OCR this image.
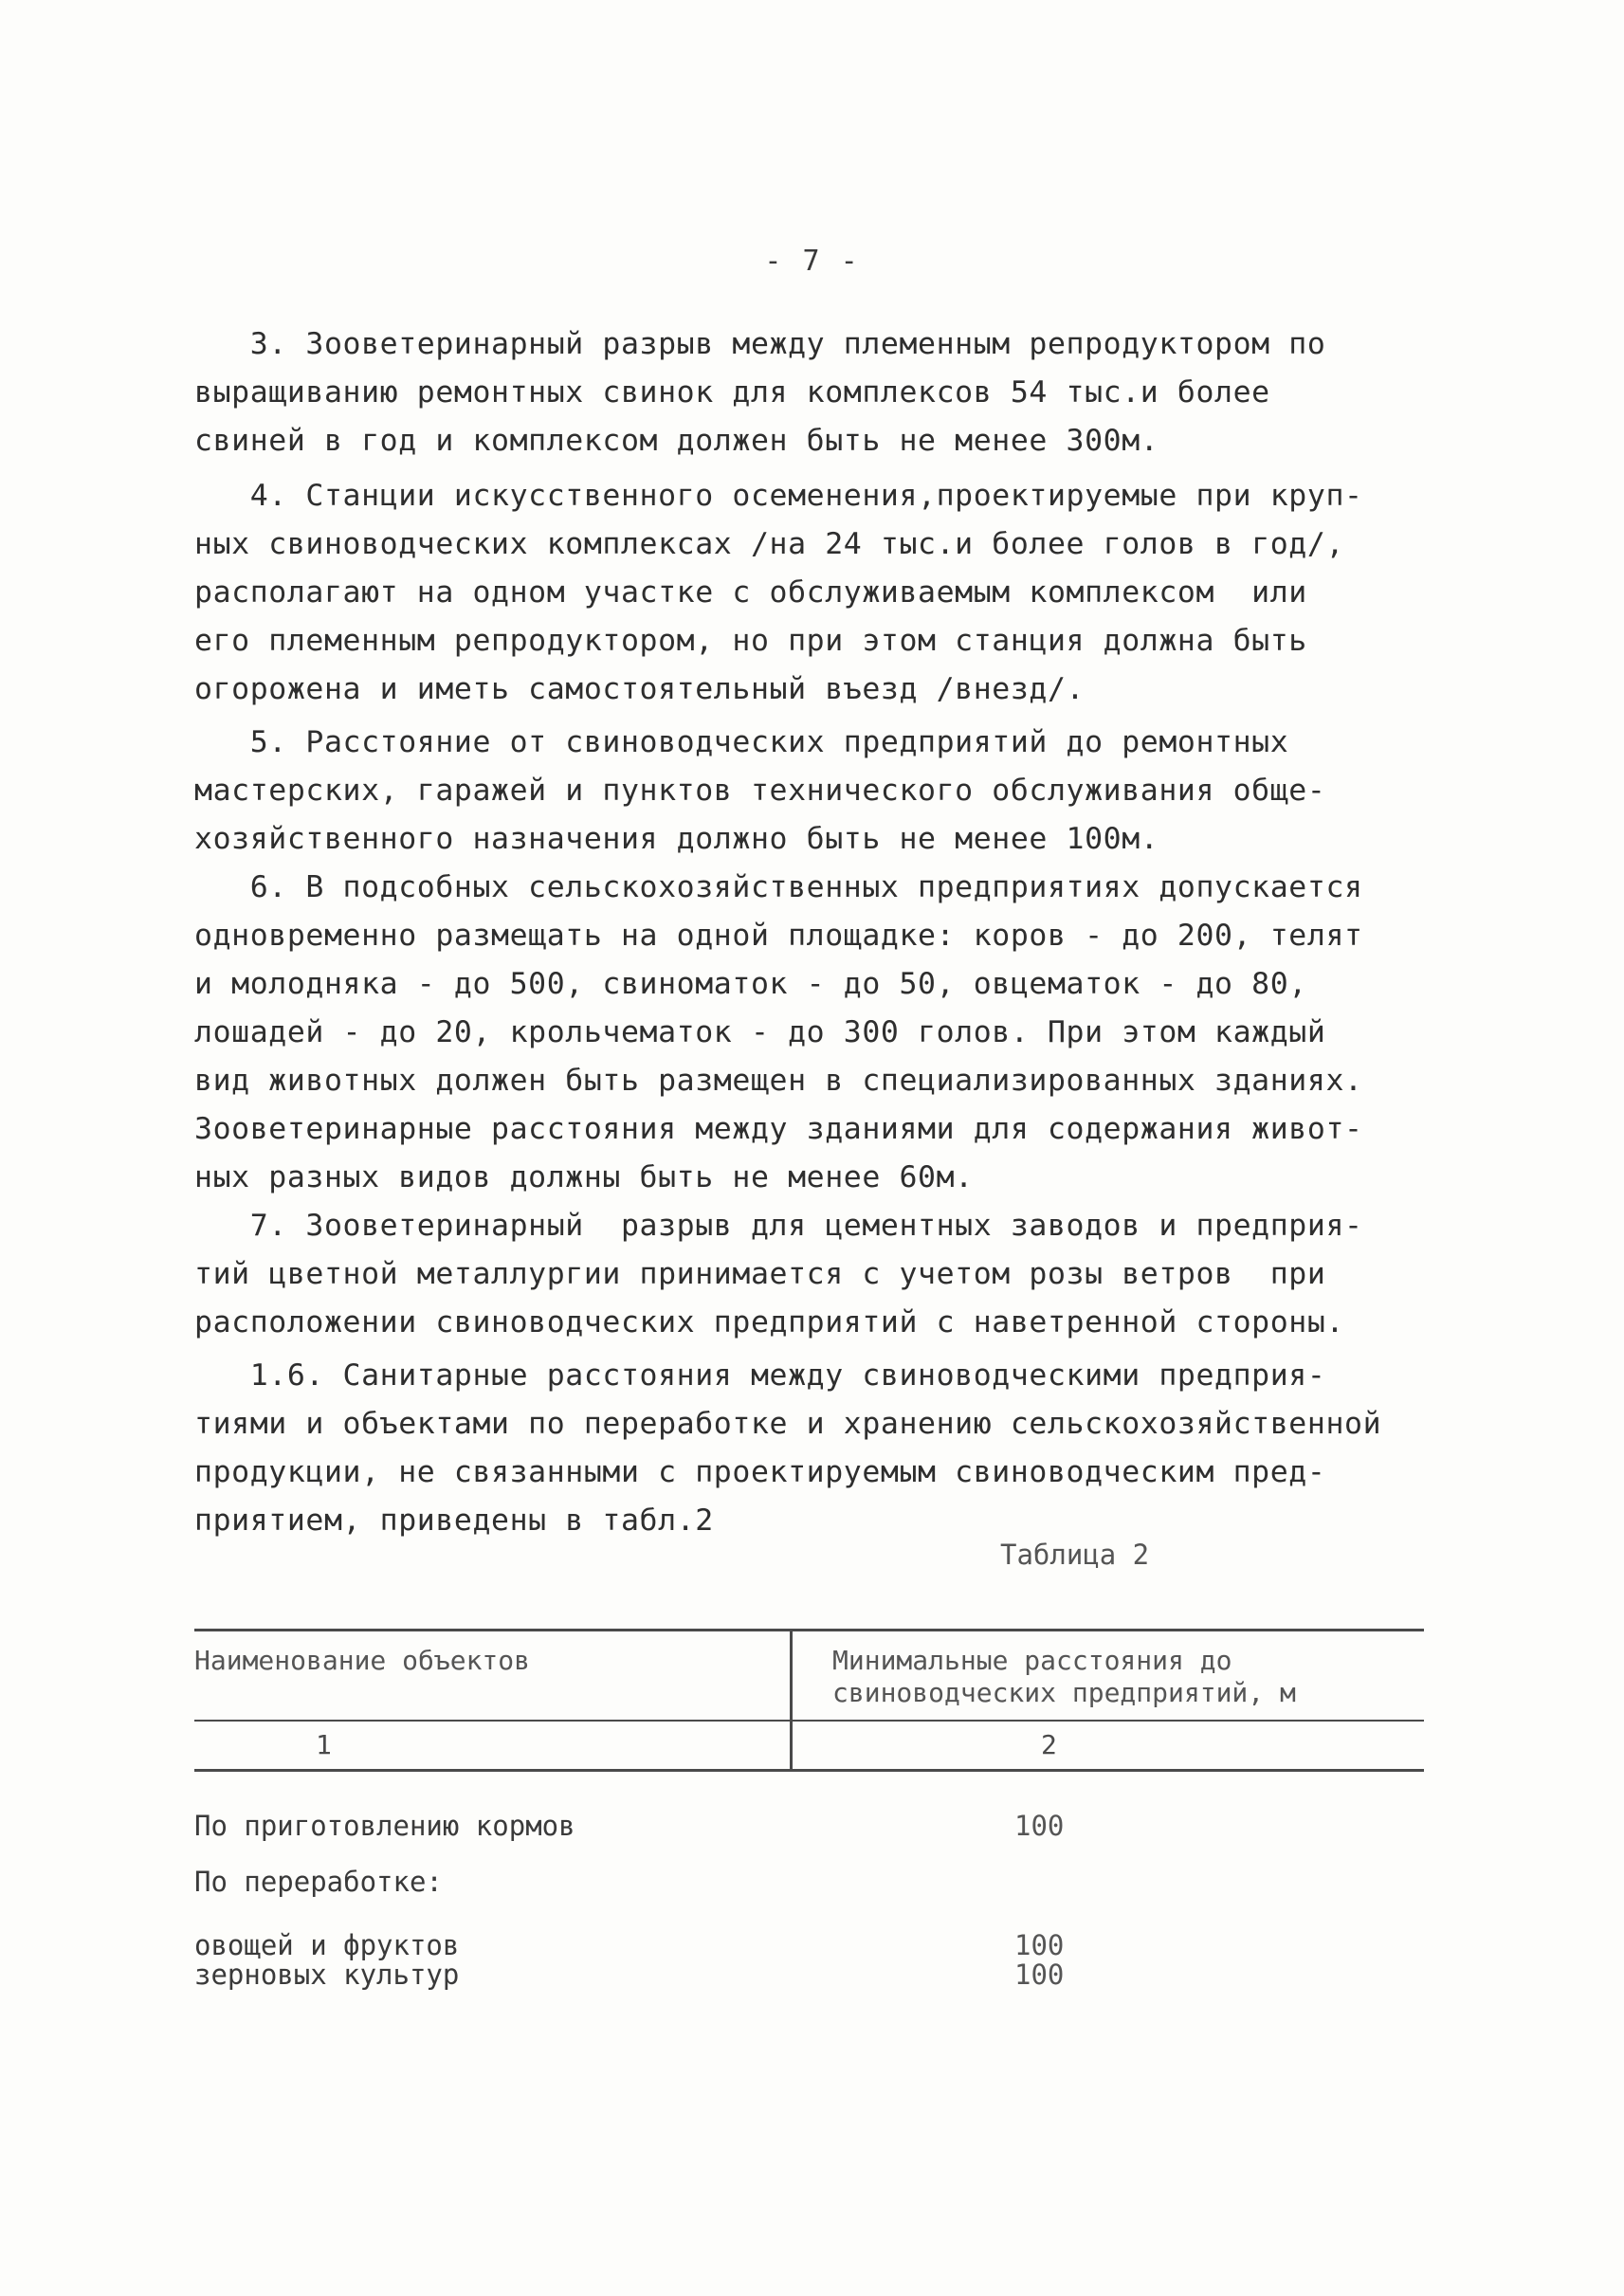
- 7 -
3. Зооветеринарный разрыв между племенным репродуктором по
выращиванию ремонтных свинок для комплексов 54 тыс.и более
свиней в год и комплексом должен быть не менее 300м.
4. Станции искусственного осеменения,проектируемые при круп-
ных свиноводческих комплексах /на 24 тыс.и более голов в год/,
располагают на одном участке с обслуживаемым комплексом  или
его племенным репродуктором, но при этом станция должна быть
огорожена и иметь самостоятельный въезд /внезд/.
5. Расстояние от свиноводческих предприятий до ремонтных
мастерских, гаражей и пунктов технического обслуживания обще-
хозяйственного назначения должно быть не менее 100м.
6. В подсобных сельскохозяйственных предприятиях допускается
одновременно размещать на одной площадке: коров - до 200, телят
и молодняка - до 500, свиноматок - до 50, овцематок - до 80,
лошадей - до 20, крольчематок - до 300 голов. При этом каждый
вид животных должен быть размещен в специализированных зданиях.
Зооветеринарные расстояния между зданиями для содержания живот-
ных разных видов должны быть не менее 60м.
7. Зооветеринарный  разрыв для цементных заводов и предприя-
тий цветной металлургии принимается с учетом розы ветров  при
расположении свиноводческих предприятий с наветренной стороны.
1.6. Санитарные расстояния между свиноводческими предприя-
тиями и объектами по переработке и хранению сельскохозяйственной
продукции, не связанными с проектируемым свиноводческим пред-
приятием, приведены в табл.2
Таблица 2
Наименование объектов	Минимальные расстояния до
свиноводческих предприятий, м
1	2
По приготовлению кормов	100
По переработке:
овощей и фруктов	100
зерновых культур	100
